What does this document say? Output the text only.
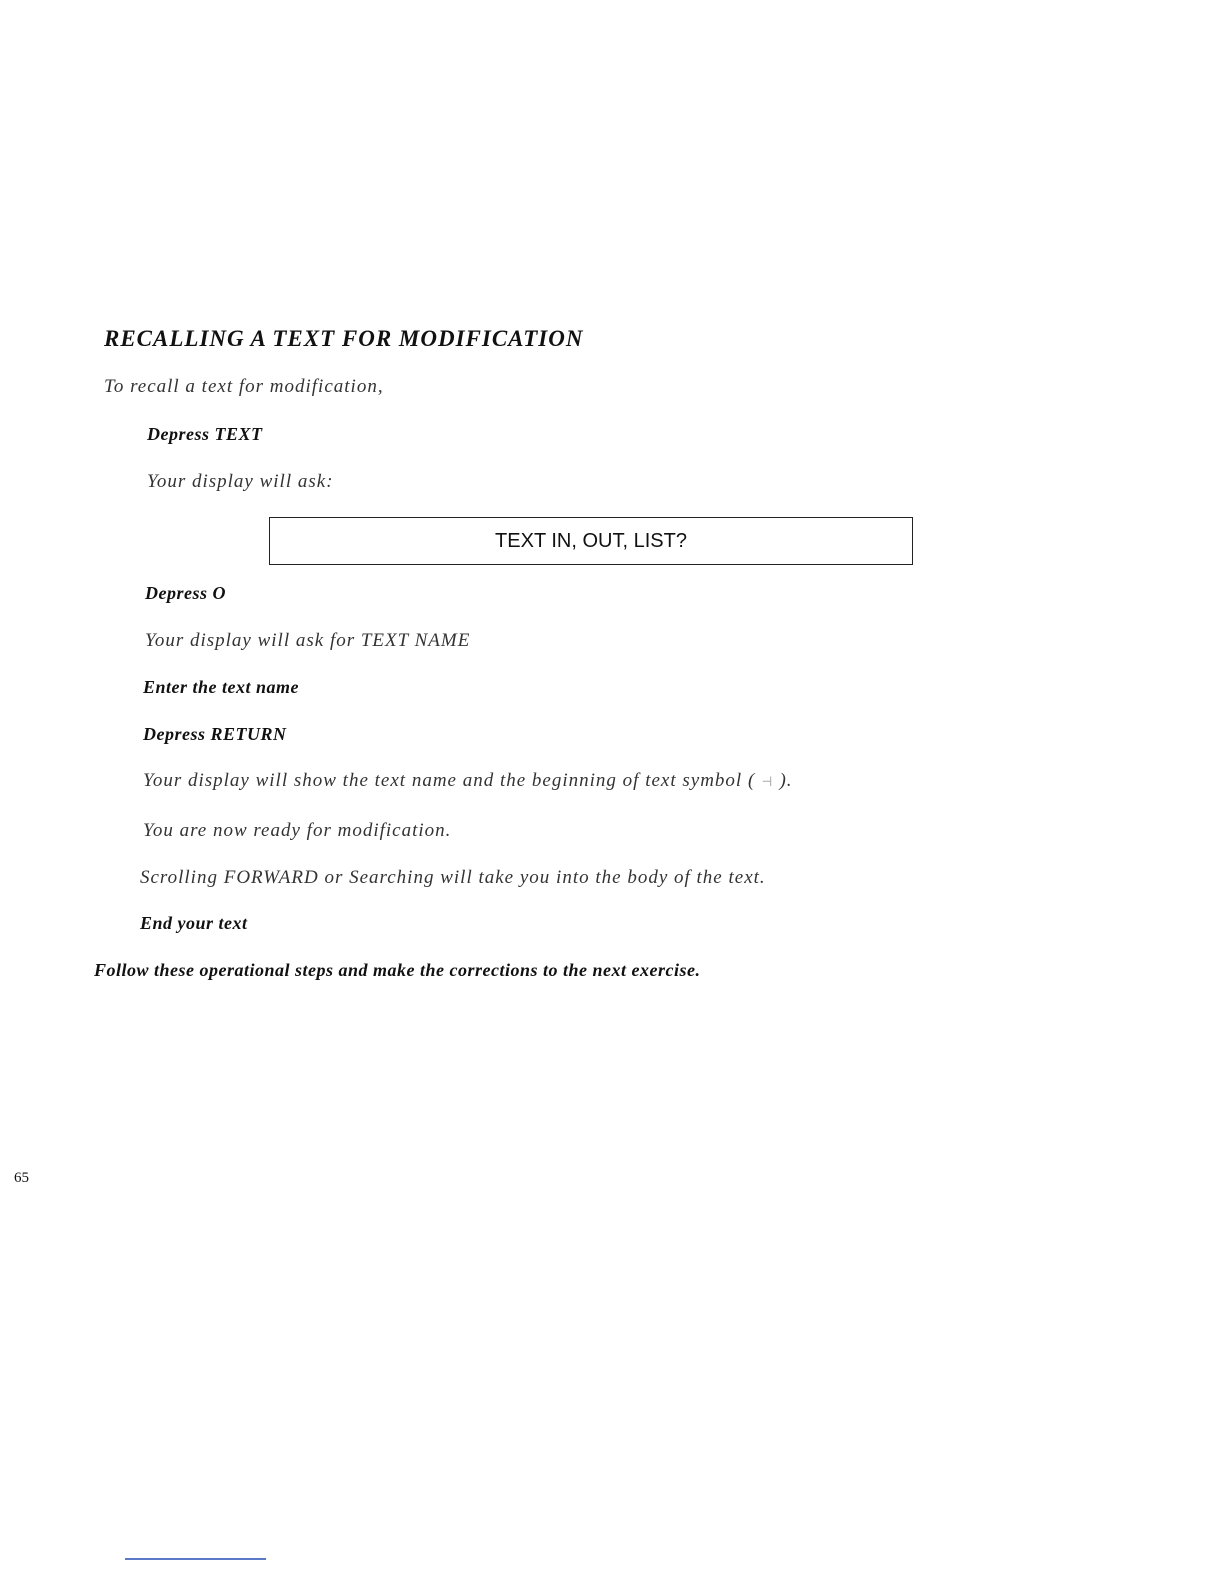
RECALLING A TEXT FOR MODIFICATION
To recall a text for modification,
Depress TEXT
Your display will ask:
TEXT IN, OUT, LIST?
Depress O
Your display will ask for TEXT NAME
Enter the text name
Depress RETURN
Your display will show the text name and the beginning of text symbol ( ⊣ ).
You are now ready for modification.
Scrolling FORWARD or Searching will take you into the body of the text.
End your text
Follow these operational steps and make the corrections to the next exercise.
65
